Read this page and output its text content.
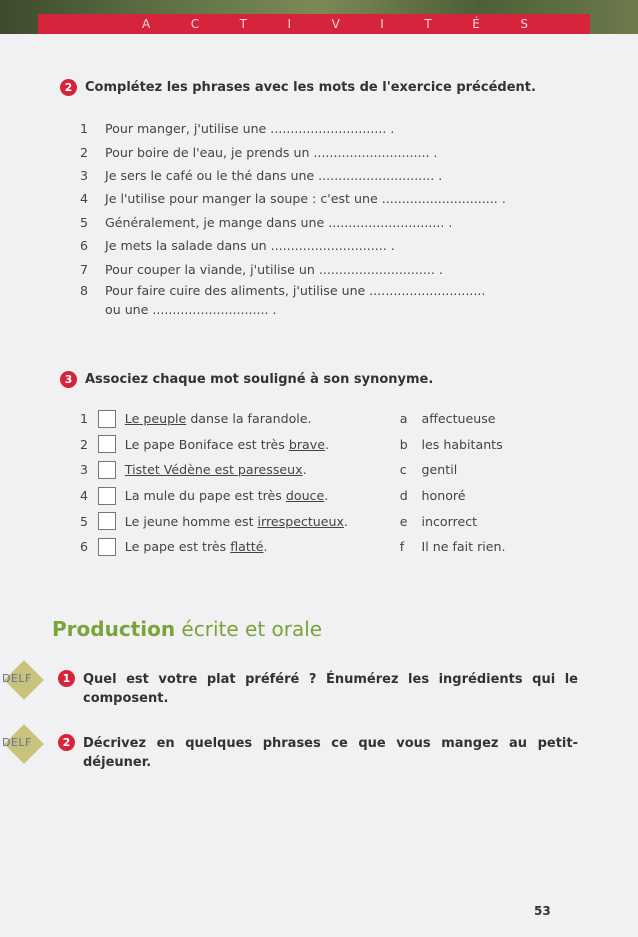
A	C	T	I	V	I	T	É	S
2 Complétez les phrases avec les mots de l'exercice précédent.
1	Pour manger, j'utilise une ............................. .
2	Pour boire de l'eau, je prends un ............................. .
3	Je sers le café ou le thé dans une ............................. .
4	Je l'utilise pour manger la soupe : c'est une ............................. .
5	Généralement, je mange dans une ............................. .
6	Je mets la salade dans un ............................. .
7	Pour couper la viande, j'utilise un ............................. .
8	Pour faire cuire des aliments, j'utilise une .............................
ou une ............................. .
3 Associez chaque mot souligné à son synonyme.
1	Le peuple danse la farandole.	a	affectueuse
2	Le pape Boniface est très brave.	b	les habitants
3	Tistet Védène est paresseux.	c	gentil
4	La mule du pape est très douce.	d	honoré
5	Le jeune homme est irrespectueux.	e	incorrect
6	Le pape est très flatté.	f	Il ne fait rien.
Production écrite et orale
DELF	1 Quel est votre plat préféré ? Énumérez les ingrédients qui le composent.
DELF	2 Décrivez en quelques phrases ce que vous mangez au petit-déjeuner.
53
